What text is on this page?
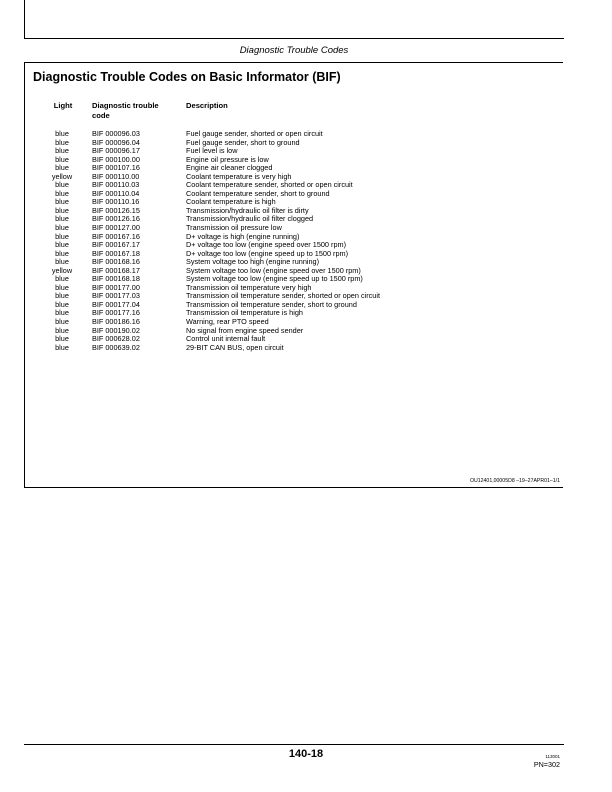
Diagnostic Trouble Codes
Diagnostic Trouble Codes on Basic Informator (BIF)
Light	Diagnostic trouble
code
Description
blue	BIF 000096.03	Fuel gauge sender, shorted or open circuit
blue	BIF 000096.04	Fuel gauge sender, short to ground
blue	BIF 000096.17	Fuel level is low
blue	BIF 000100.00	Engine oil pressure is low
blue	BIF 000107.16	Engine air cleaner clogged
yellow	BIF 000110.00	Coolant temperature is very high
blue	BIF 000110.03	Coolant temperature sender, shorted or open circuit
blue	BIF 000110.04	Coolant temperature sender, short to ground
blue	BIF 000110.16	Coolant temperature is high
blue	BIF 000126.15	Transmission/hydraulic oil filter is dirty
blue	BIF 000126.16	Transmission/hydraulic oil filter clogged
blue	BIF 000127.00	Transmission oil pressure low
blue	BIF 000167.16	D+ voltage is high (engine running)
blue	BIF 000167.17	D+ voltage too low (engine speed over 1500 rpm)
blue	BIF 000167.18	D+ voltage too low (engine speed up to 1500 rpm)
blue	BIF 000168.16	System voltage too high (engine running)
yellow	BIF 000168.17	System voltage too low (engine speed over 1500 rpm)
blue	BIF 000168.18	System voltage too low (engine speed up to 1500 rpm)
blue	BIF 000177.00	Transmission oil temperature very high
blue	BIF 000177.03	Transmission oil temperature sender, shorted or open circuit
blue	BIF 000177.04	Transmission oil temperature sender, short to ground
blue	BIF 000177.16	Transmission oil temperature is high
blue	BIF 000186.16	Warning, rear PTO speed
blue	BIF 000190.02	No signal from engine speed sender
blue	BIF 000628.02	Control unit internal fault
blue	BIF 000639.02	29-BIT CAN BUS, open circuit
OU12401,00005D8 –19–27APR01–1/1
140-18	113001
PN=302
